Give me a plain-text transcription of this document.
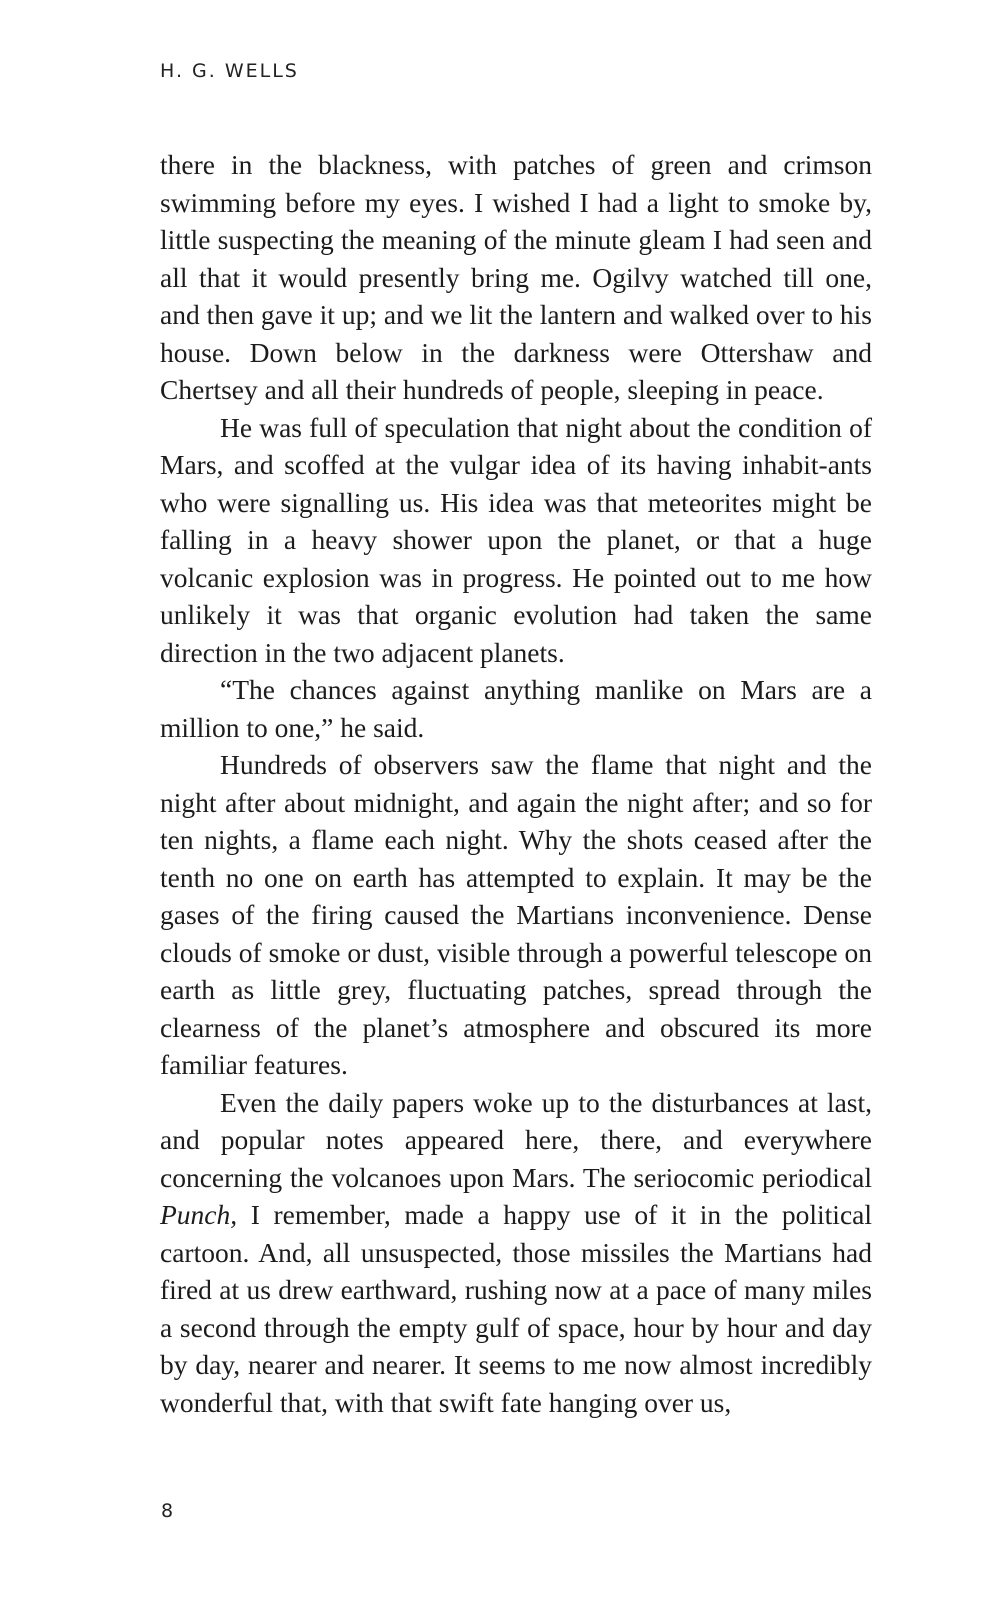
H. G. WELLS

there in the blackness, with patches of green and crimson swimming before my eyes. I wished I had a light to smoke by, little suspecting the meaning of the minute gleam I had seen and all that it would presently bring me. Ogilvy watched till one, and then gave it up; and we lit the lantern and walked over to his house. Down below in the darkness were Ottershaw and Chertsey and all their hundreds of people, sleeping in peace.

He was full of speculation that night about the condition of Mars, and scoffed at the vulgar idea of its having inhabit-ants who were signalling us. His idea was that meteorites might be falling in a heavy shower upon the planet, or that a huge volcanic explosion was in progress. He pointed out to me how unlikely it was that organic evolution had taken the same direction in the two adjacent planets.

“The chances against anything manlike on Mars are a million to one,” he said.

Hundreds of observers saw the flame that night and the night after about midnight, and again the night after; and so for ten nights, a flame each night. Why the shots ceased after the tenth no one on earth has attempted to explain. It may be the gases of the firing caused the Martians inconvenience. Dense clouds of smoke or dust, visible through a powerful telescope on earth as little grey, fluctuating patches, spread through the clearness of the planet’s atmosphere and obscured its more familiar features.

Even the daily papers woke up to the disturbances at last, and popular notes appeared here, there, and everywhere concerning the volcanoes upon Mars. The seriocomic periodical Punch, I remember, made a happy use of it in the political cartoon. And, all unsuspected, those missiles the Martians had fired at us drew earthward, rushing now at a pace of many miles a second through the empty gulf of space, hour by hour and day by day, nearer and nearer. It seems to me now almost incredibly wonderful that, with that swift fate hanging over us,

8
